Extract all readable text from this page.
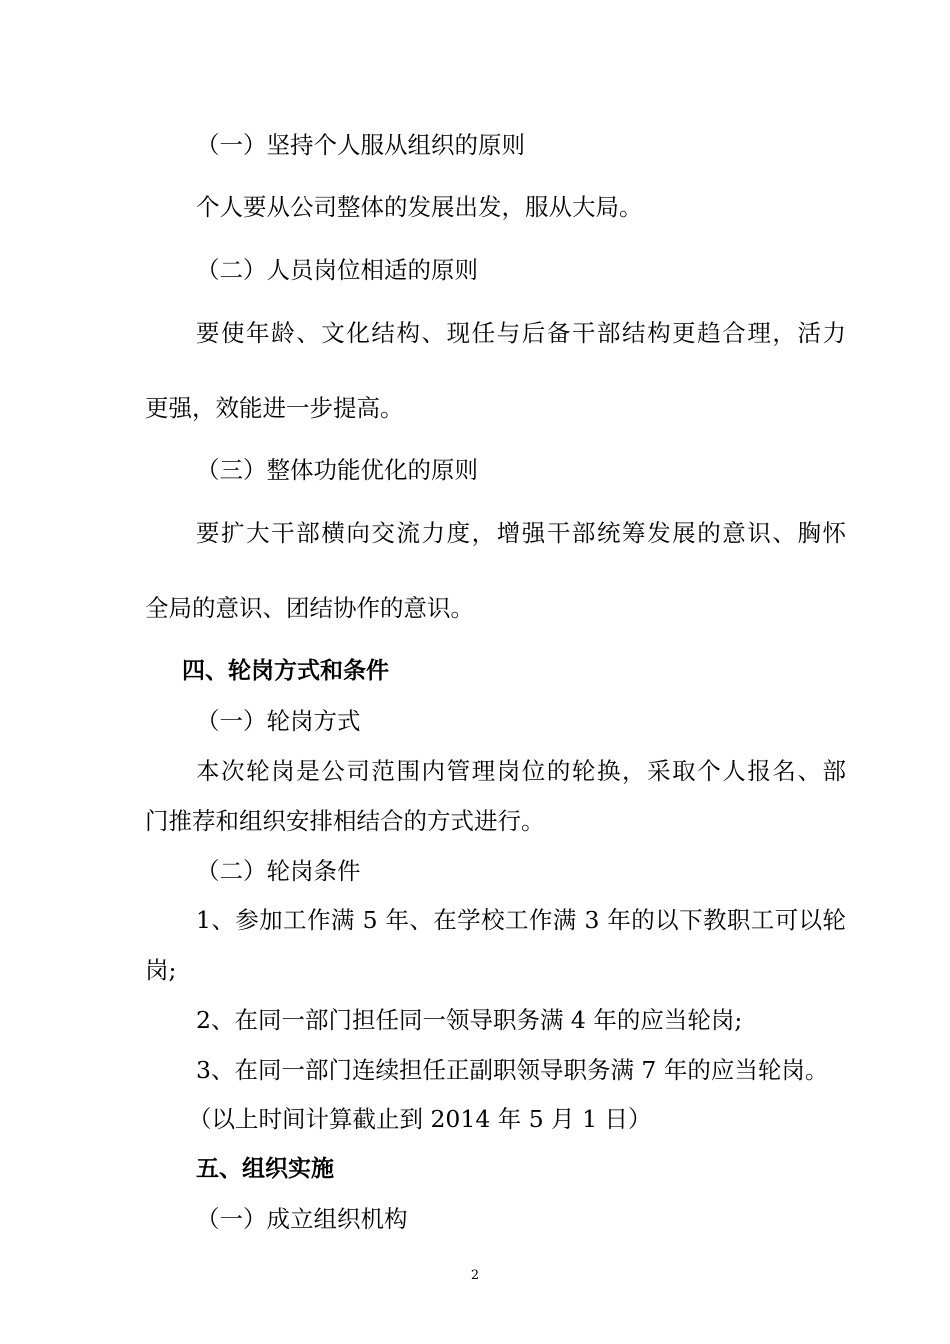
（一）坚持个人服从组织的原则
个人要从公司整体的发展出发，服从大局。
（二）人员岗位相适的原则
要使年龄、文化结构、现任与后备干部结构更趋合理，活力
更强，效能进一步提高。
（三）整体功能优化的原则
要扩大干部横向交流力度，增强干部统筹发展的意识、胸怀
全局的意识、团结协作的意识。
四、轮岗方式和条件
（一）轮岗方式
本次轮岗是公司范围内管理岗位的轮换，采取个人报名、部
门推荐和组织安排相结合的方式进行。
（二）轮岗条件
1、参加工作满 5 年、在学校工作满 3 年的以下教职工可以轮
岗;
2、在同一部门担任同一领导职务满 4 年的应当轮岗;
3、在同一部门连续担任正副职领导职务满 7 年的应当轮岗。
（以上时间计算截止到 2014 年 5 月 1 日）
五、组织实施
（一）成立组织机构
2
